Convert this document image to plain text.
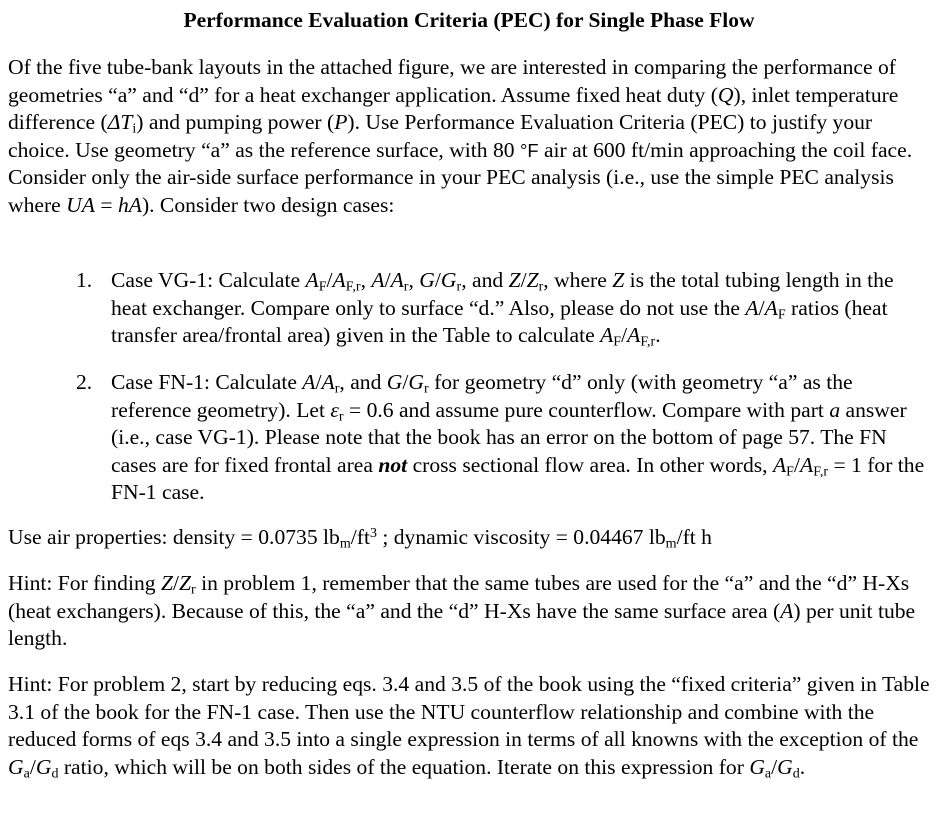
Performance Evaluation Criteria (PEC) for Single Phase Flow

Of the five tube-bank layouts in the attached figure, we are interested in comparing the performance of geometries “a” and “d” for a heat exchanger application. Assume fixed heat duty (Q), inlet temperature difference $(\Delta T_i)$ and pumping power (P). Use Performance Evaluation Criteria (PEC) to justify your choice. Use geometry “a” as the reference surface, with 80 °F air at 600 ft/min approaching the coil face. Consider only the air-side surface performance in your PEC analysis (i.e., use the simple PEC analysis where UA = hA). Consider two design cases:

1. Case VG-1: Calculate $A_F/A_{F,r}$, $A/A_r$, $G/G_r$, and $Z/Z_r$, where Z is the total tubing length in the heat exchanger. Compare only to surface “d.” Also, please do not use the $A/A_F$ ratios (heat transfer area/frontal area) given in the Table to calculate $A_F/A_{F,r}$.
2. Case FN-1: Calculate $A/A_r$, and $G/G_r$ for geometry “d” only (with geometry “a” as the reference geometry). Let $\varepsilon_r = 0.6$ and assume pure counterflow. Compare with part a answer (i.e., case VG-1). Please note that the book has an error on the bottom of page 57. The FN cases are for fixed frontal area not cross sectional flow area. In other words, $A_F/A_{F,r} = 1$ for the FN-1 case.

Use air properties: density = 0.0735 $lb_m/ft^3$ ; dynamic viscosity = 0.04467 $lb_m/ft$ h

Hint: For finding $Z/Z_r$ in problem 1, remember that the same tubes are used for the “a” and the “d” H-Xs (heat exchangers). Because of this, the “a” and the “d” H-Xs have the same surface area (A) per unit tube length.

Hint: For problem 2, start by reducing eqs. 3.4 and 3.5 of the book using the “fixed criteria” given in Table 3.1 of the book for the FN-1 case. Then use the NTU counterflow relationship and combine with the reduced forms of eqs 3.4 and 3.5 into a single expression in terms of all knowns with the exception of the $G_a/G_d$ ratio, which will be on both sides of the equation. Iterate on this expression for $G_a/G_d$.
